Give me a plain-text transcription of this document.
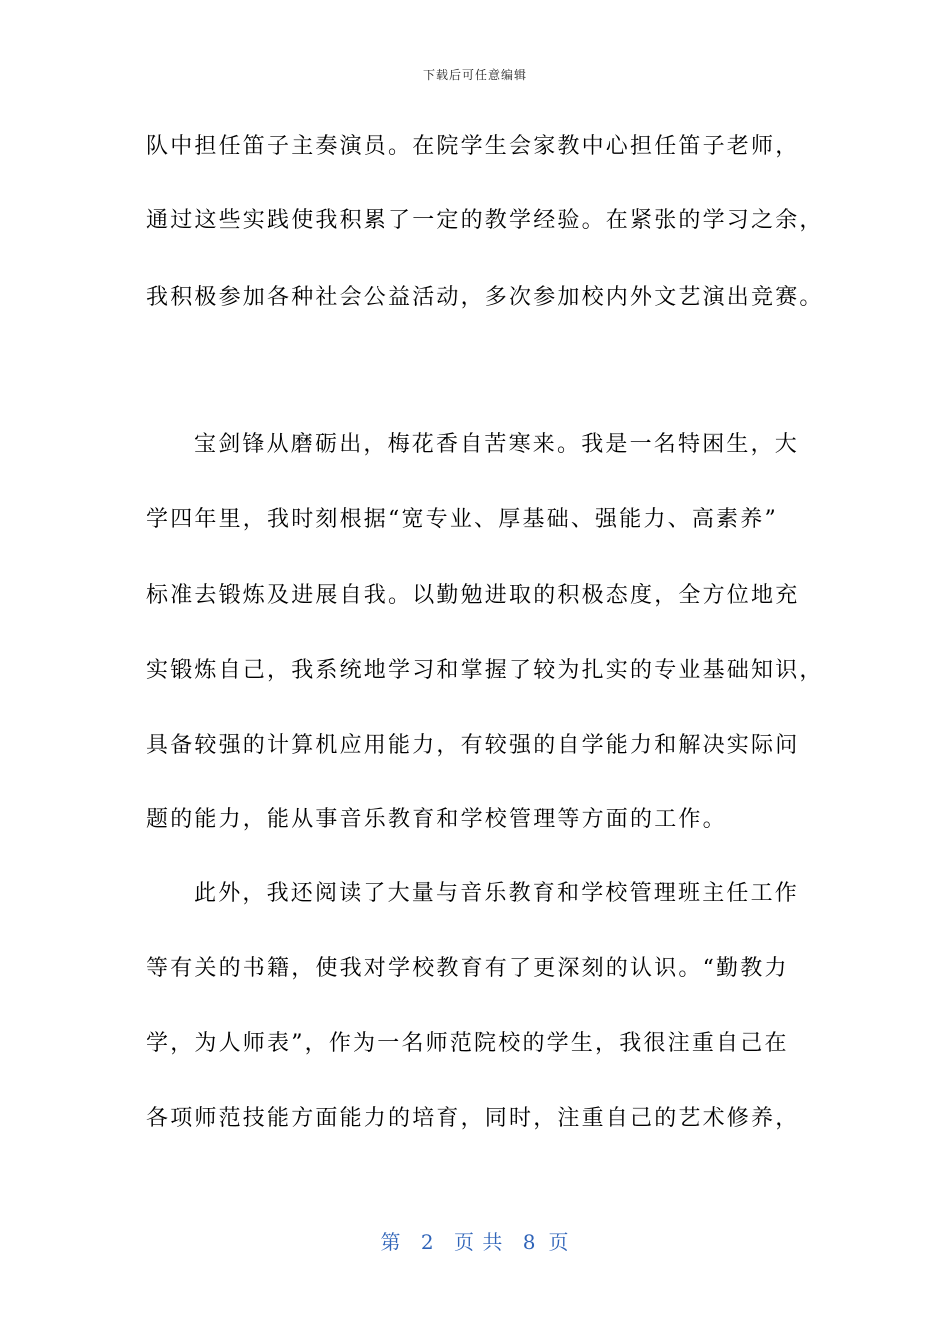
下载后可任意编辑

队中担任笛子主奏演员。在院学生会家教中心担任笛子老师，

通过这些实践使我积累了一定的教学经验。在紧张的学习之余，

我积极参加各种社会公益活动，多次参加校内外文艺演出竞赛。

宝剑锋从磨砺出，梅花香自苦寒来。我是一名特困生，大

学四年里，我时刻根据“宽专业、厚基础、强能力、高素养”

标准去锻炼及进展自我。以勤勉进取的积极态度，全方位地充

实锻炼自己，我系统地学习和掌握了较为扎实的专业基础知识，

具备较强的计算机应用能力，有较强的自学能力和解决实际问

题的能力，能从事音乐教育和学校管理等方面的工作。

此外，我还阅读了大量与音乐教育和学校管理班主任工作

等有关的书籍，使我对学校教育有了更深刻的认识。“勤教力

学，为人师表”，作为一名师范院校的学生，我很注重自己在

各项师范技能方面能力的培育，同时，注重自己的艺术修养，

第 2 页 共 8 页
